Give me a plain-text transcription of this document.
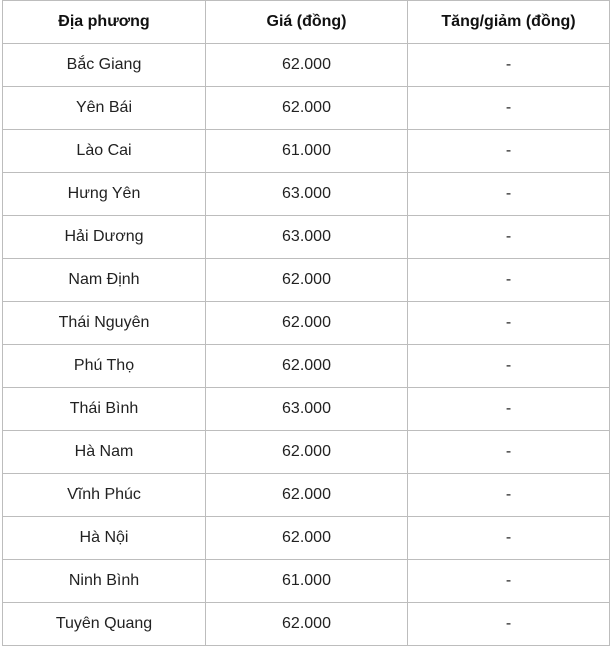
Địa phương	Giá (đồng)	Tăng/giảm (đồng)
Bắc Giang	62.000	-
Yên Bái	62.000	-
Lào Cai	61.000	-
Hưng Yên	63.000	-
Hải Dương	63.000	-
Nam Định	62.000	-
Thái Nguyên	62.000	-
Phú Thọ	62.000	-
Thái Bình	63.000	-
Hà Nam	62.000	-
Vĩnh Phúc	62.000	-
Hà Nội	62.000	-
Ninh Bình	61.000	-
Tuyên Quang	62.000	-
